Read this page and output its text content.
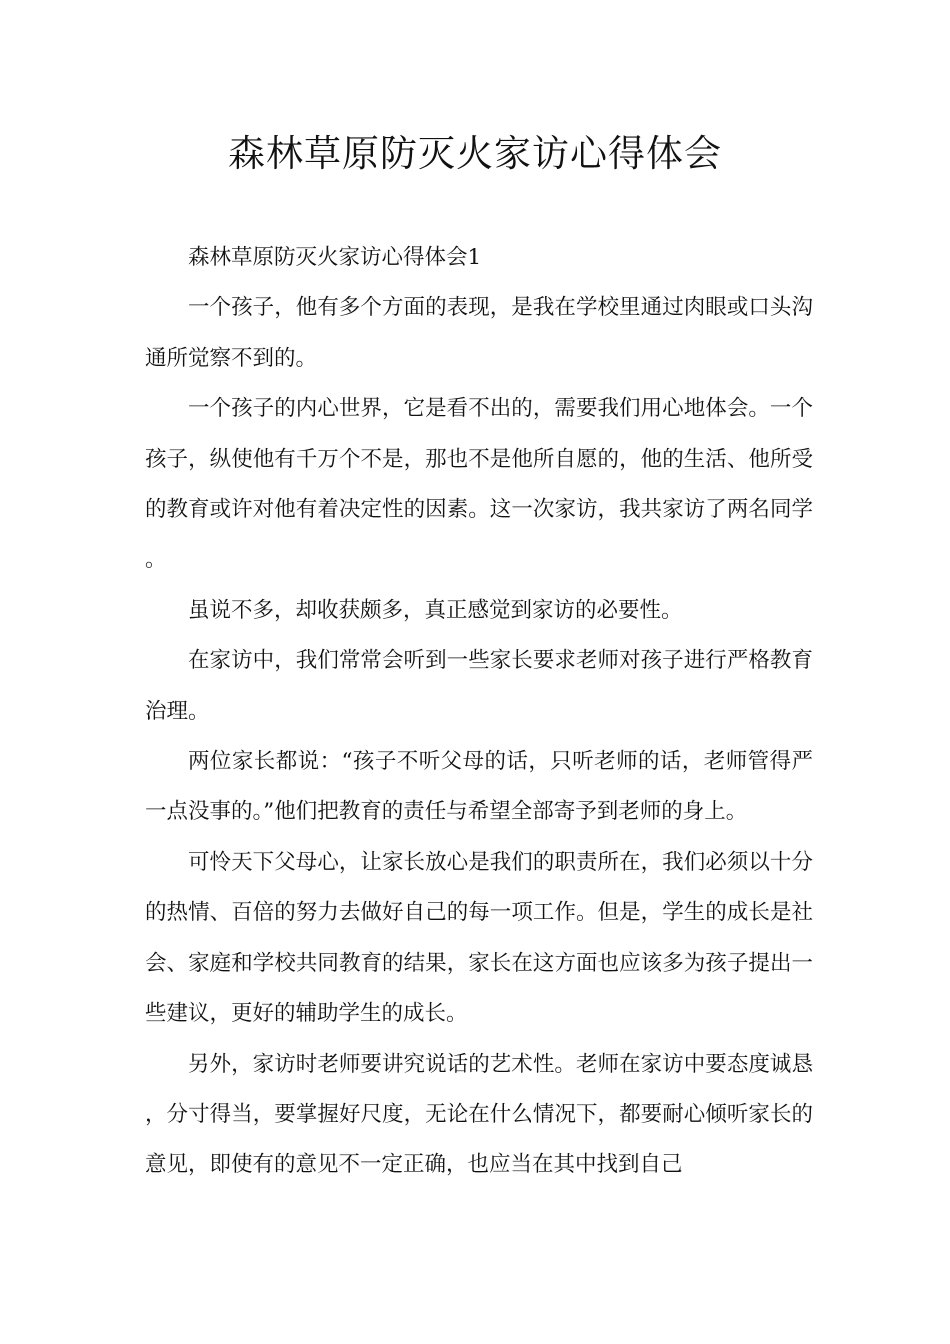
森林草原防灭火家访心得体会

森林草原防灭火家访心得体会1

一个孩子，他有多个方面的表现，是我在学校里通过肉眼或口头沟通所觉察不到的。

一个孩子的内心世界，它是看不出的，需要我们用心地体会。一个孩子，纵使他有千万个不是，那也不是他所自愿的，他的生活、他所受的教育或许对他有着决定性的因素。这一次家访，我共家访了两名同学。

虽说不多，却收获颇多，真正感觉到家访的必要性。

在家访中，我们常常会听到一些家长要求老师对孩子进行严格教育治理。

两位家长都说：“孩子不听父母的话，只听老师的话，老师管得严一点没事的。”他们把教育的责任与希望全部寄予到老师的身上。

可怜天下父母心，让家长放心是我们的职责所在，我们必须以十分的热情、百倍的努力去做好自己的每一项工作。但是，学生的成长是社会、家庭和学校共同教育的结果，家长在这方面也应该多为孩子提出一些建议，更好的辅助学生的成长。

另外，家访时老师要讲究说话的艺术性。老师在家访中要态度诚恳，分寸得当，要掌握好尺度，无论在什么情况下，都要耐心倾听家长的意见，即使有的意见不一定正确，也应当在其中找到自己
